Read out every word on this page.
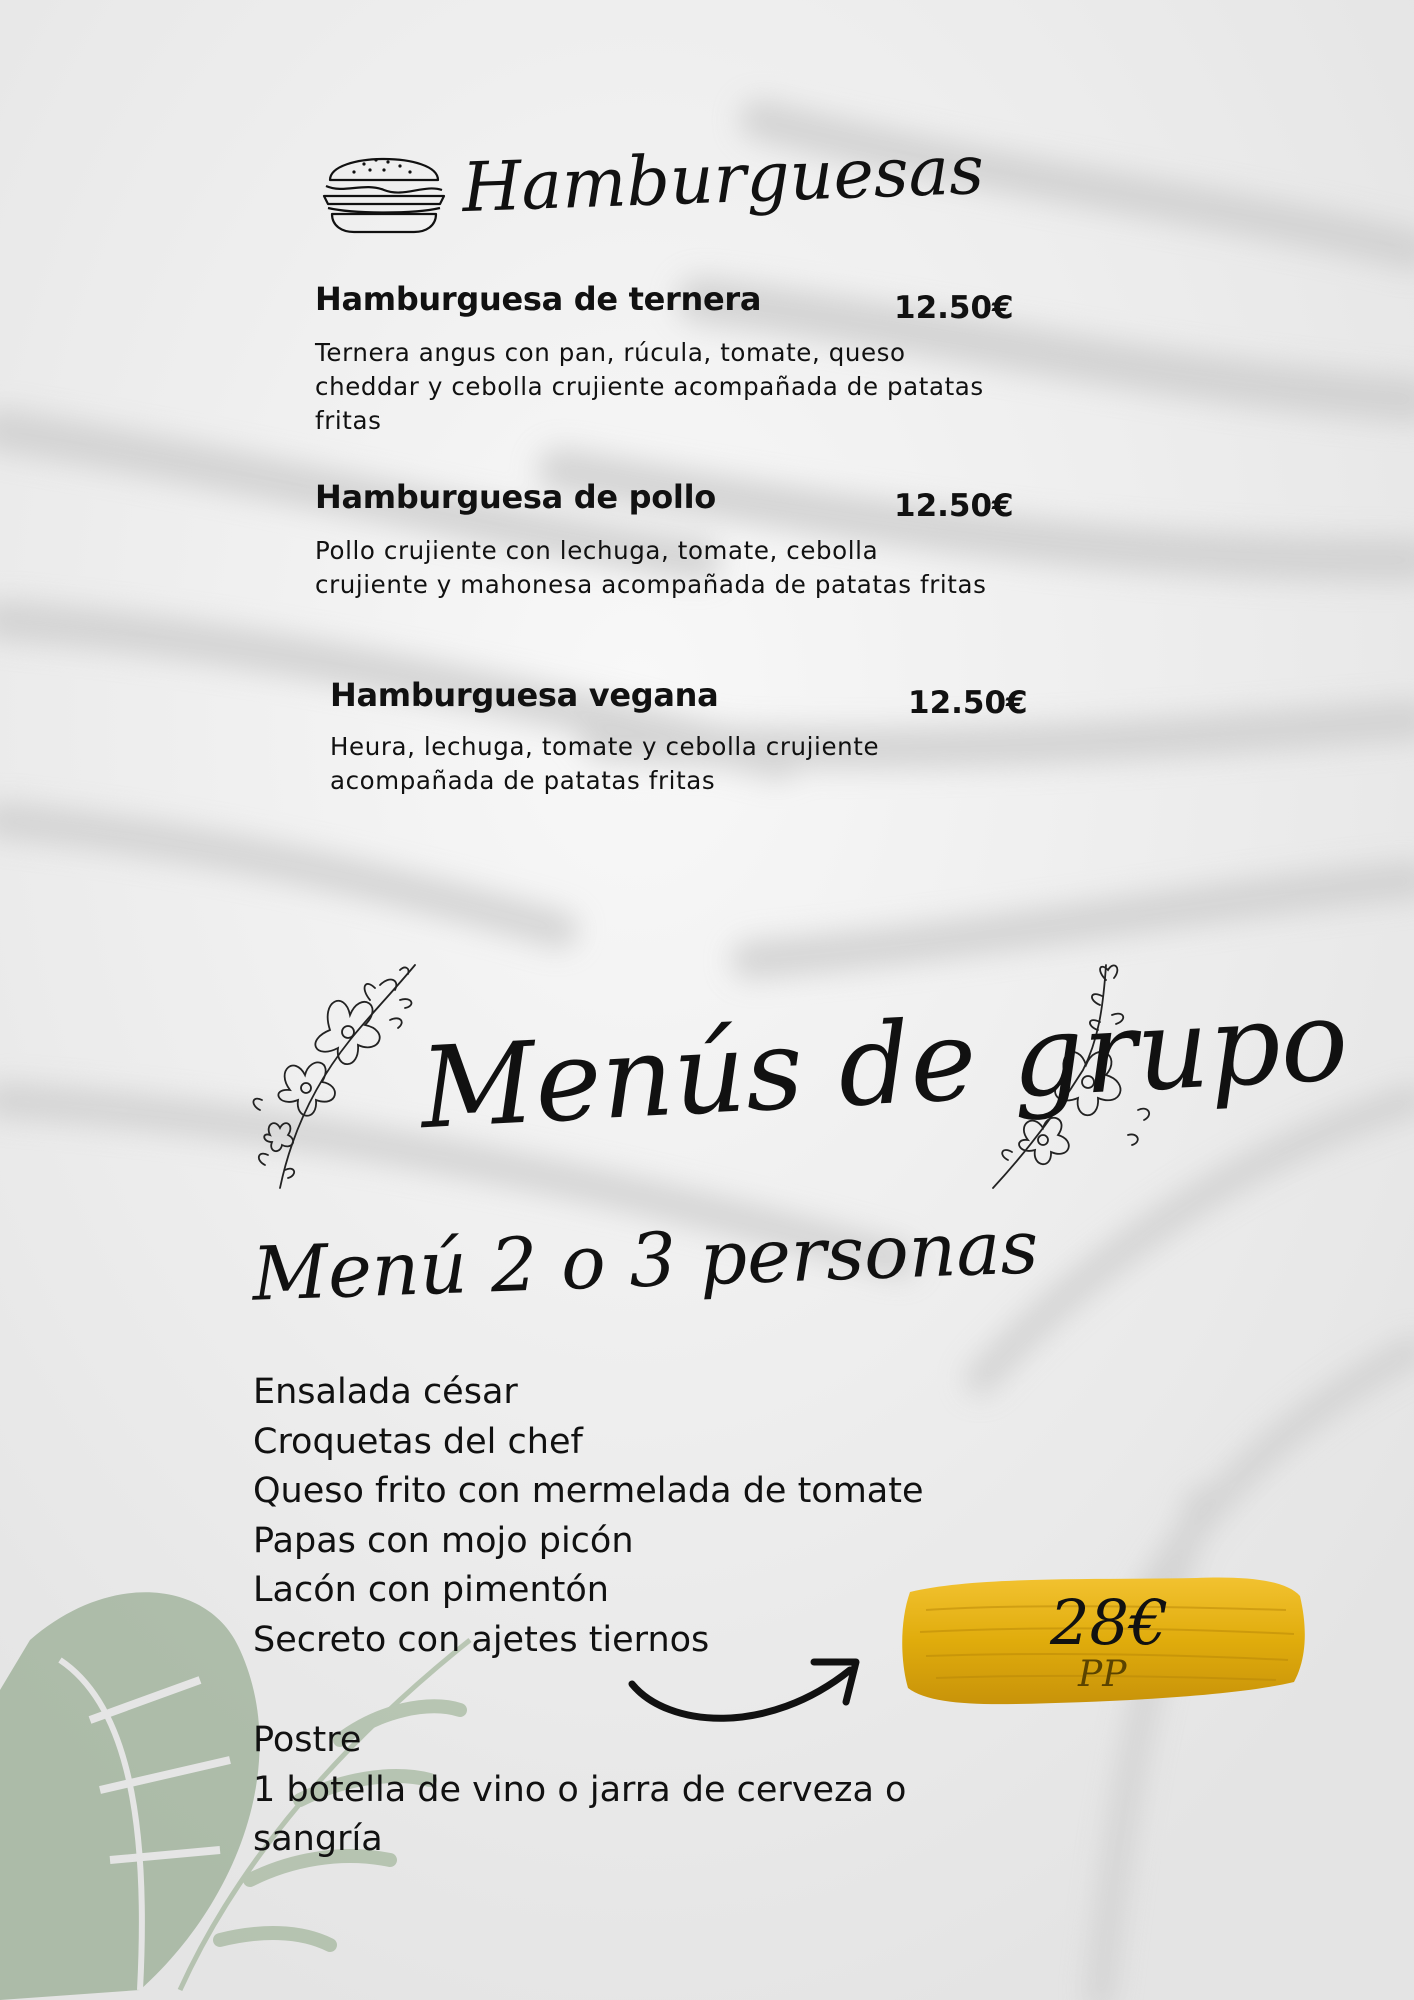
Hamburguesas
Hamburguesa de ternera	12.50€
Ternera angus con pan, rúcula, tomate, queso cheddar y cebolla crujiente acompañada de patatas fritas
Hamburguesa de pollo	12.50€
Pollo crujiente con lechuga, tomate, cebolla crujiente y mahonesa acompañada de patatas fritas
Hamburguesa vegana	12.50€
Heura, lechuga, tomate y cebolla crujiente acompañada de patatas fritas
Menús de grupo
Menú 2 o 3 personas
Ensalada césar
Croquetas del chef
Queso frito con mermelada de tomate
Papas con mojo picón
Lacón con pimentón
Secreto con ajetes tiernos
Postre
1 botella de vino o jarra de cerveza o
sangría
28€
PP
